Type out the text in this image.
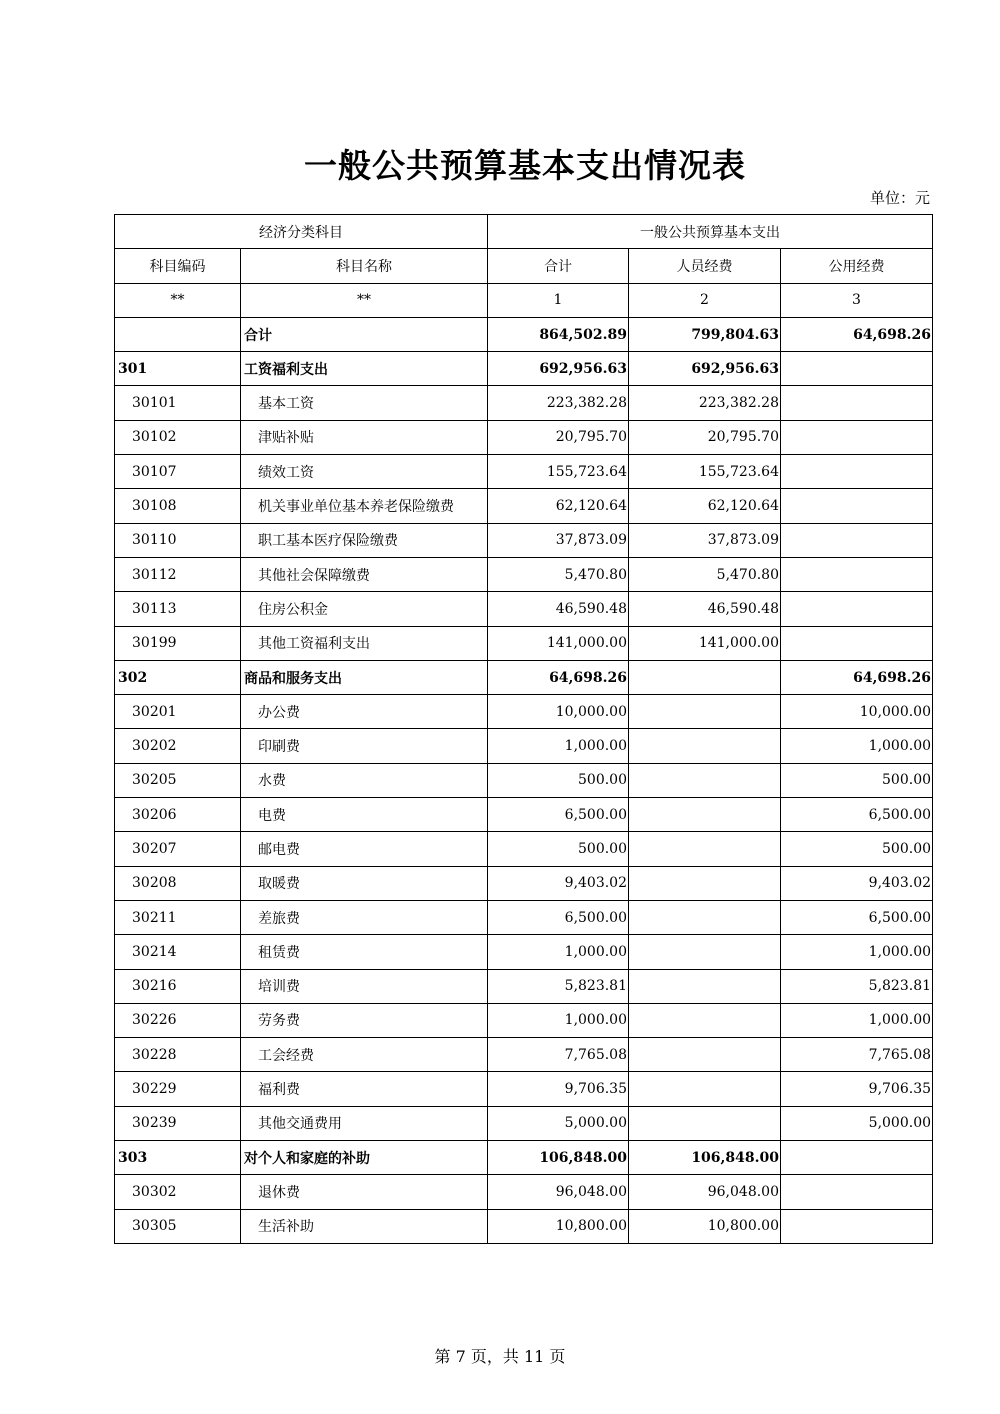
一般公共预算基本支出情况表
单位：元
经济分类科目		一般公共预算基本支出		
科目编码	科目名称	合计	人员经费	公用经费
**	**	1	2	3
	合计	864,502.89	799,804.63	64,698.26
301	工资福利支出	692,956.63	692,956.63	
30101	基本工资	223,382.28	223,382.28	
30102	津贴补贴	20,795.70	20,795.70	
30107	绩效工资	155,723.64	155,723.64	
30108	机关事业单位基本养老保险缴费	62,120.64	62,120.64	
30110	职工基本医疗保险缴费	37,873.09	37,873.09	
30112	其他社会保障缴费	5,470.80	5,470.80	
30113	住房公积金	46,590.48	46,590.48	
30199	其他工资福利支出	141,000.00	141,000.00	
302	商品和服务支出	64,698.26		64,698.26
30201	办公费	10,000.00		10,000.00
30202	印刷费	1,000.00		1,000.00
30205	水费	500.00		500.00
30206	电费	6,500.00		6,500.00
30207	邮电费	500.00		500.00
30208	取暖费	9,403.02		9,403.02
30211	差旅费	6,500.00		6,500.00
30214	租赁费	1,000.00		1,000.00
30216	培训费	5,823.81		5,823.81
30226	劳务费	1,000.00		1,000.00
30228	工会经费	7,765.08		7,765.08
30229	福利费	9,706.35		9,706.35
30239	其他交通费用	5,000.00		5,000.00
303	对个人和家庭的补助	106,848.00	106,848.00	
30302	退休费	96,048.00	96,048.00	
30305	生活补助	10,800.00	10,800.00	
第 7 页，共 11 页
